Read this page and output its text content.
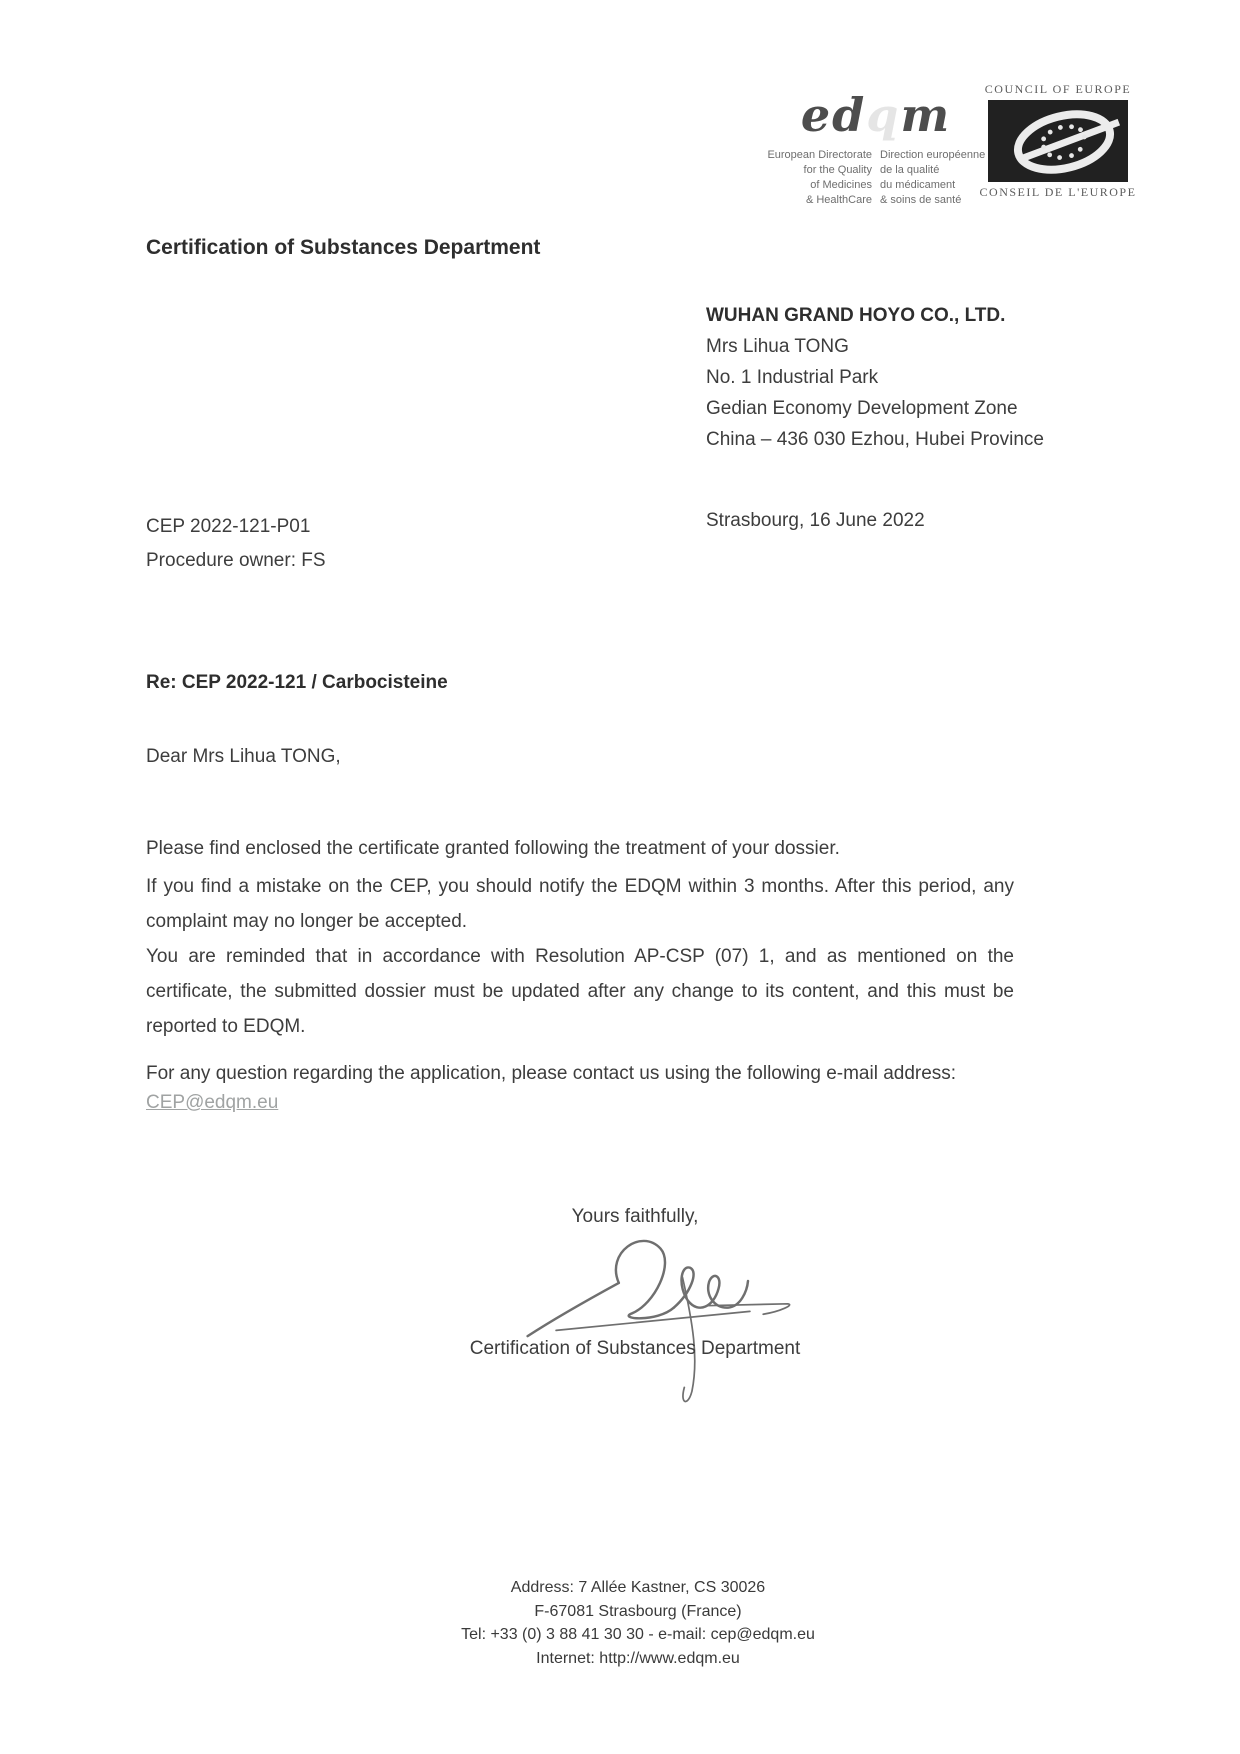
edqm
European Directorate
for the Quality
of Medicines
& HealthCare
Direction européenne
de la qualité
du médicament
& soins de santé
COUNCIL OF EUROPE
CONSEIL DE L'EUROPE
Certification of Substances Department
WUHAN GRAND HOYO CO., LTD.
Mrs Lihua TONG
No. 1 Industrial Park
Gedian Economy Development Zone
China – 436 030 Ezhou, Hubei Province
CEP 2022-121-P01
Procedure owner: FS
Strasbourg, 16 June 2022
Re: CEP 2022-121 / Carbocisteine
Dear Mrs Lihua TONG,
Please find enclosed the certificate granted following the treatment of your dossier.
If you find a mistake on the CEP, you should notify the EDQM within 3 months. After this period, any complaint may no longer be accepted.
You are reminded that in accordance with Resolution AP-CSP (07) 1, and as mentioned on the certificate, the submitted dossier must be updated after any change to its content, and this must be reported to EDQM.
For any question regarding the application, please contact us using the following e-mail address:
CEP@edqm.eu
Yours faithfully,
Certification of Substances Department
Address: 7 Allée Kastner, CS 30026
F-67081 Strasbourg (France)
Tel: +33 (0) 3 88 41 30 30 - e-mail: cep@edqm.eu
Internet: http://www.edqm.eu
